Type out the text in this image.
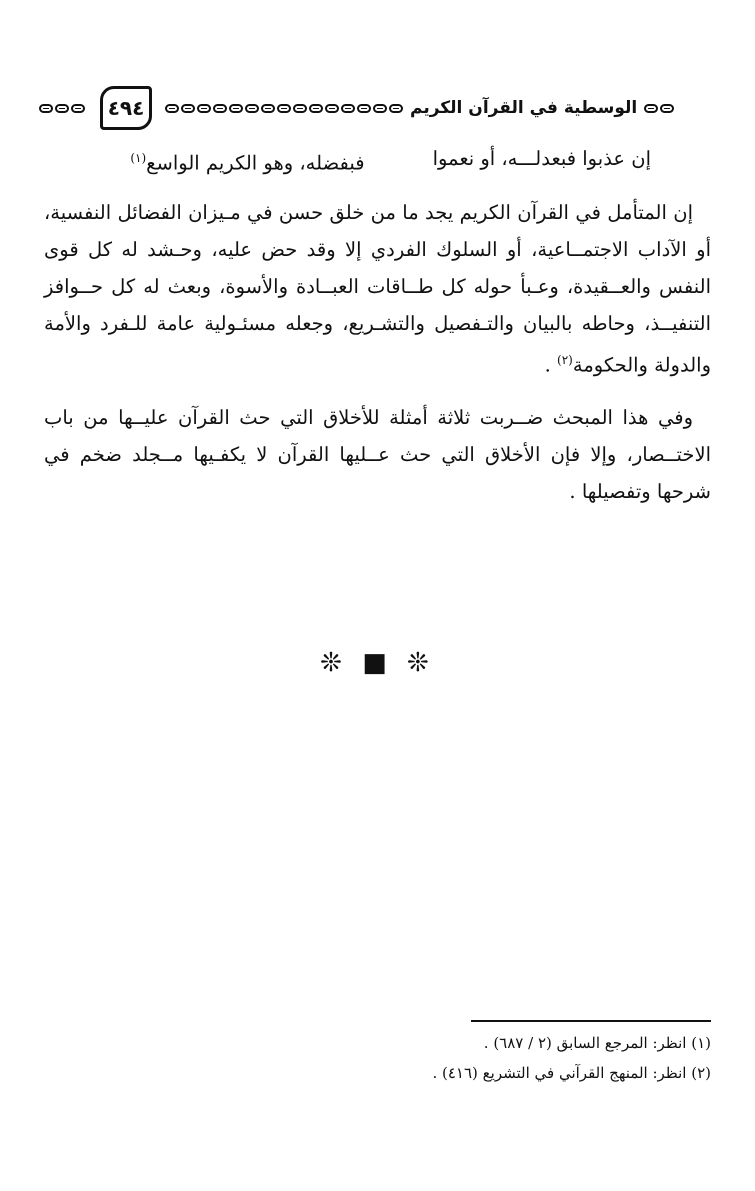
٤٩٤	الوسطية في القرآن الكريم
إن عذبوا فبعدلـــه، أو نعموا
فبفضله، وهو الكريم الواسع$^{(١)}$

إن المتأمل في القرآن الكريم يجد ما من خلق حسن في مـيزان الفضائل النفسية، أو الآداب الاجتمــاعية، أو السلوك الفردي إلا وقد حض عليه، وحـشد له كل قوى النفس والعــقيدة، وعـبأ حوله كل طــاقات العبــادة والأسوة، وبعث له كل حــوافز التنفيــذ، وحاطه بالبيان والتـفصيل والتشـريع، وجعله مسئـولية عامة للـفرد والأمة والدولة والحكومة$^{(٢)}$ .

وفي هذا المبحث ضــربت ثلاثة أمثلة للأخلاق التي حث القرآن عليــها من باب الاختــصار، وإلا فإن الأخلاق التي حث عــليها القرآن لا يكفـيها مــجلد ضخم في شرحها وتفصيلها .

❊ ■ ❊

(١) انظر: المرجع السابق (٢ / ٦٨٧) .

(٢) انظر: المنهج القرآني في التشريع (٤١٦) .
